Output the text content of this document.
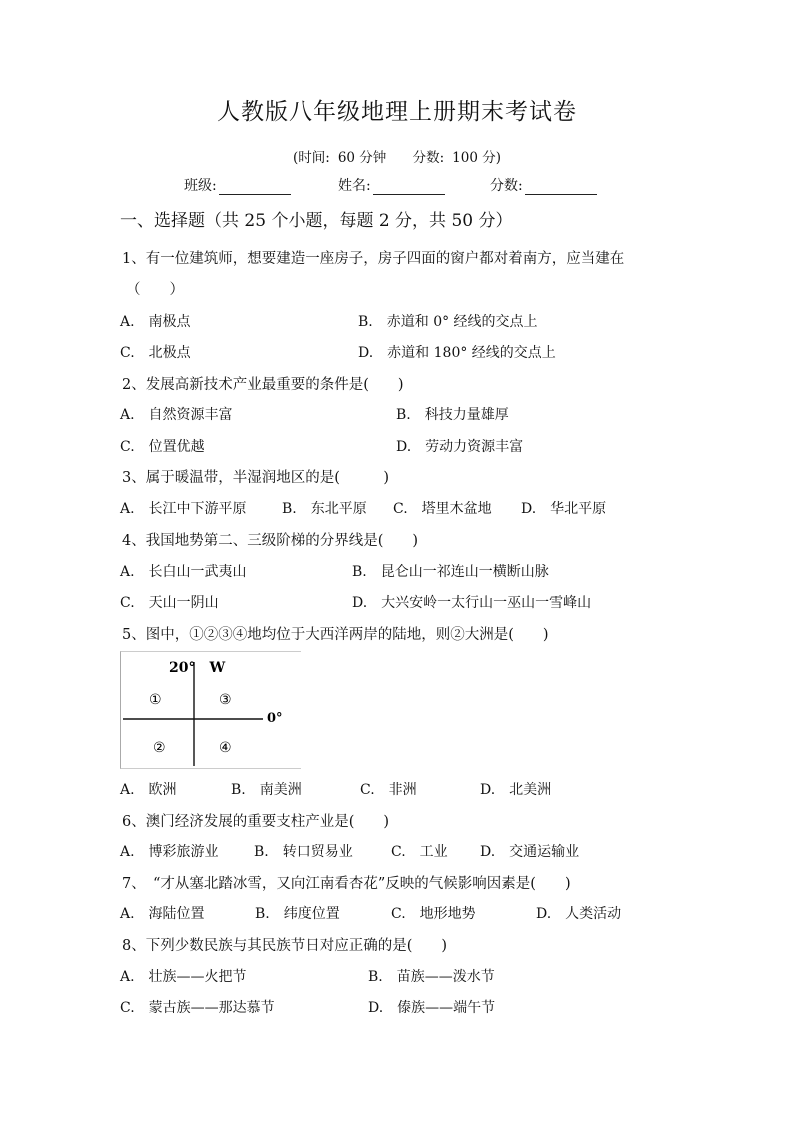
人教版八年级地理上册期末考试卷
(时间: 60 分钟 分数: 100 分)
班级:	姓名:	分数:
一、选择题（共 25 个小题，每题 2 分，共 50 分）
1、有一位建筑师，想要建造一座房子，房子四面的窗户都对着南方，应当建在
（　　）
A.　南极点	B.　赤道和 0° 经线的交点上
C.　北极点	D.　赤道和 180° 经线的交点上
2、发展高新技术产业最重要的条件是(　　)
A.　自然资源丰富	B.　科技力量雄厚
C.　位置优越	D.　劳动力资源丰富
3、属于暖温带，半湿润地区的是(　　　)
A.　长江中下游平原	B.　东北平原 C.　塔里木盆地 D.　华北平原
4、我国地势第二、三级阶梯的分界线是(　　)
A.　长白山一武夷山	B.　昆仑山一祁连山一横断山脉
C.　天山一阴山	D.　大兴安岭一太行山一巫山一雪峰山
5、图中，①②③④地均位于大西洋两岸的陆地，则②大洲是(　　)
20°　W
0°
①	③
②	④
A.　欧洲	B.　南美洲	C.　非洲	D.　北美洲
6、澳门经济发展的重要支柱产业是(　　)
A.　博彩旅游业	B.　转口贸易业	C.　工业 D.　交通运输业
7、　“才从塞北踏冰雪，又向江南看杏花”反映的气候影响因素是(　　)
A.　海陆位置	B.　纬度位置	C.　地形地势	D.　人类活动
8、下列少数民族与其民族节日对应正确的是(　　)
A.　壮族——火把节	B.　苗族——泼水节
C.　蒙古族——那达慕节	D.　傣族——端午节
